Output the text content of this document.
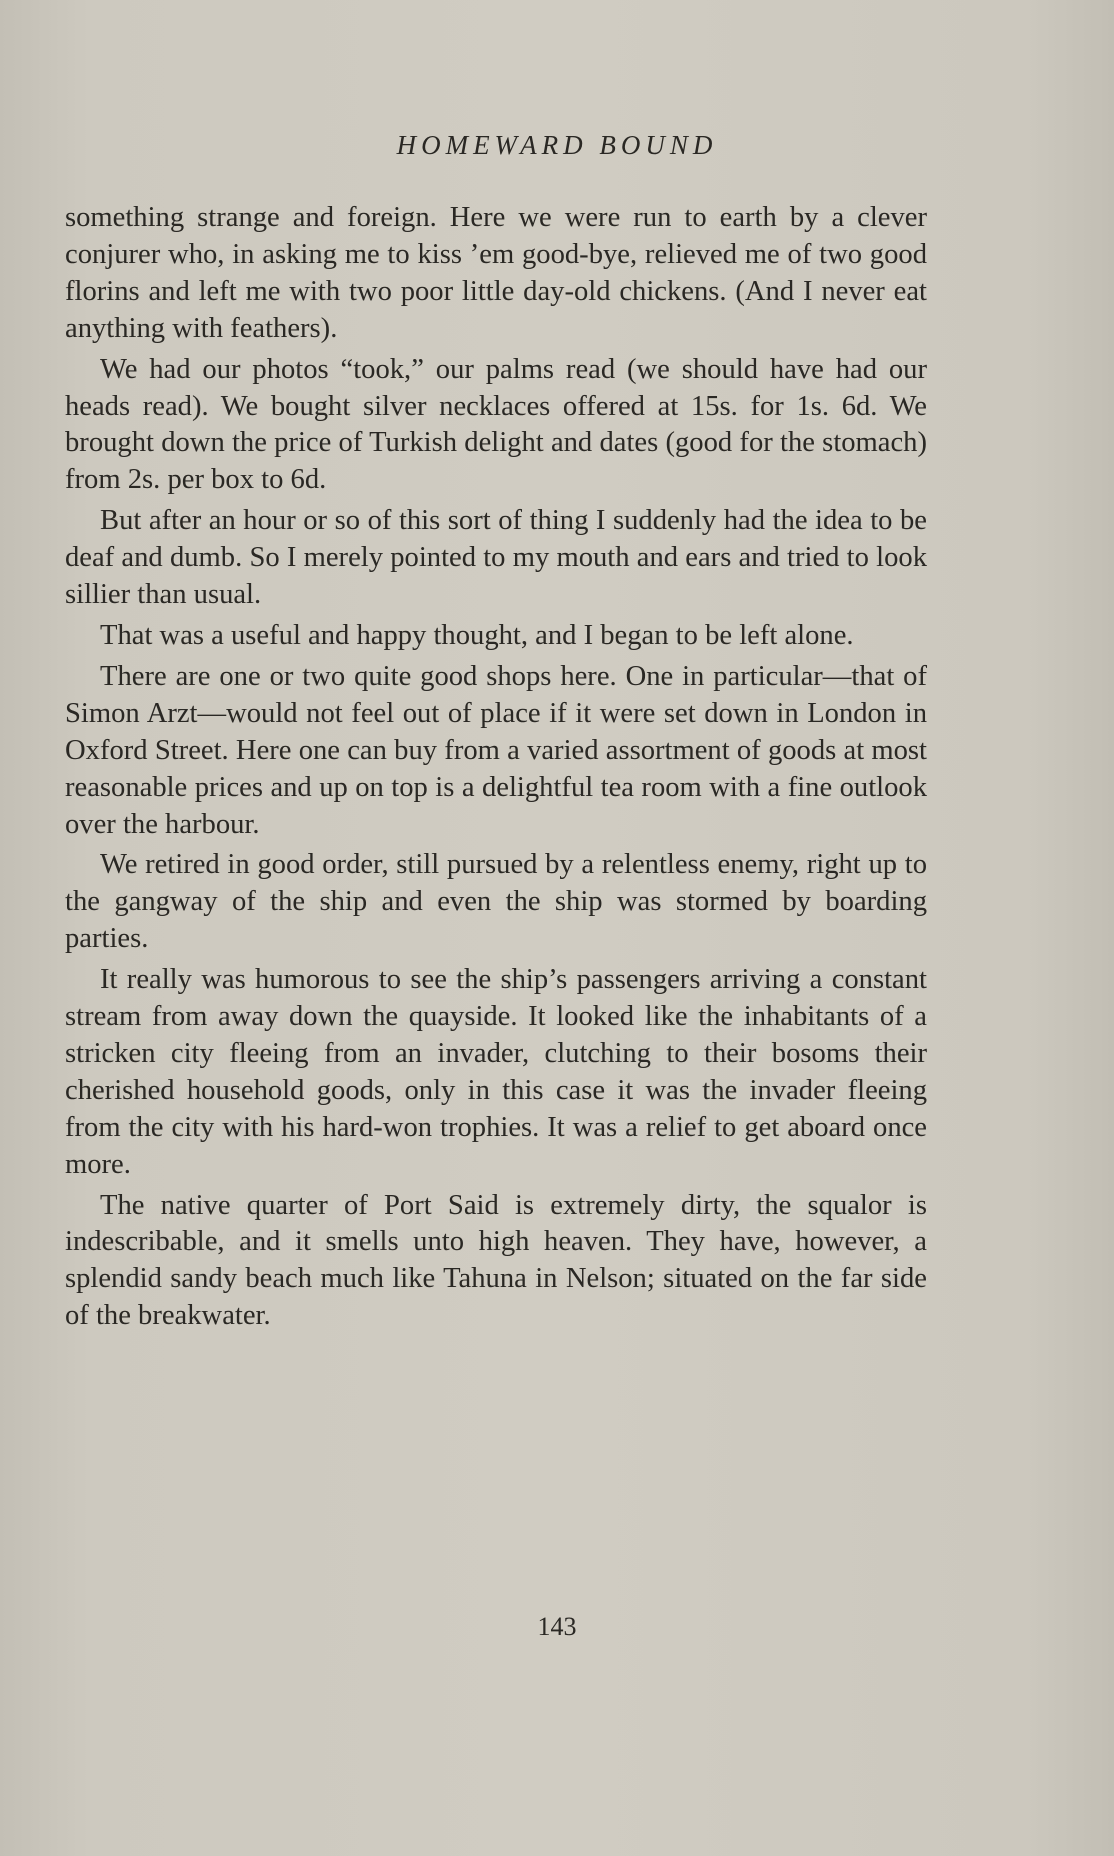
HOMEWARD BOUND

something strange and foreign. Here we were run to earth by a clever conjurer who, in asking me to kiss ’em good-bye, relieved me of two good florins and left me with two poor little day-old chickens. (And I never eat anything with feathers).

We had our photos “took,” our palms read (we should have had our heads read). We bought silver necklaces offered at 15s. for 1s. 6d. We brought down the price of Turkish delight and dates (good for the stomach) from 2s. per box to 6d.

But after an hour or so of this sort of thing I suddenly had the idea to be deaf and dumb. So I merely pointed to my mouth and ears and tried to look sillier than usual.

That was a useful and happy thought, and I began to be left alone.

There are one or two quite good shops here. One in particular—that of Simon Arzt—would not feel out of place if it were set down in London in Oxford Street. Here one can buy from a varied assortment of goods at most reasonable prices and up on top is a delightful tea room with a fine outlook over the harbour.

We retired in good order, still pursued by a relentless enemy, right up to the gangway of the ship and even the ship was stormed by boarding parties.

It really was humorous to see the ship’s passengers arriving a constant stream from away down the quayside. It looked like the inhabitants of a stricken city fleeing from an invader, clutching to their bosoms their cherished household goods, only in this case it was the invader fleeing from the city with his hard-won trophies. It was a relief to get aboard once more.

The native quarter of Port Said is extremely dirty, the squalor is indescribable, and it smells unto high heaven. They have, however, a splendid sandy beach much like Tahuna in Nelson; situated on the far side of the breakwater.

143
